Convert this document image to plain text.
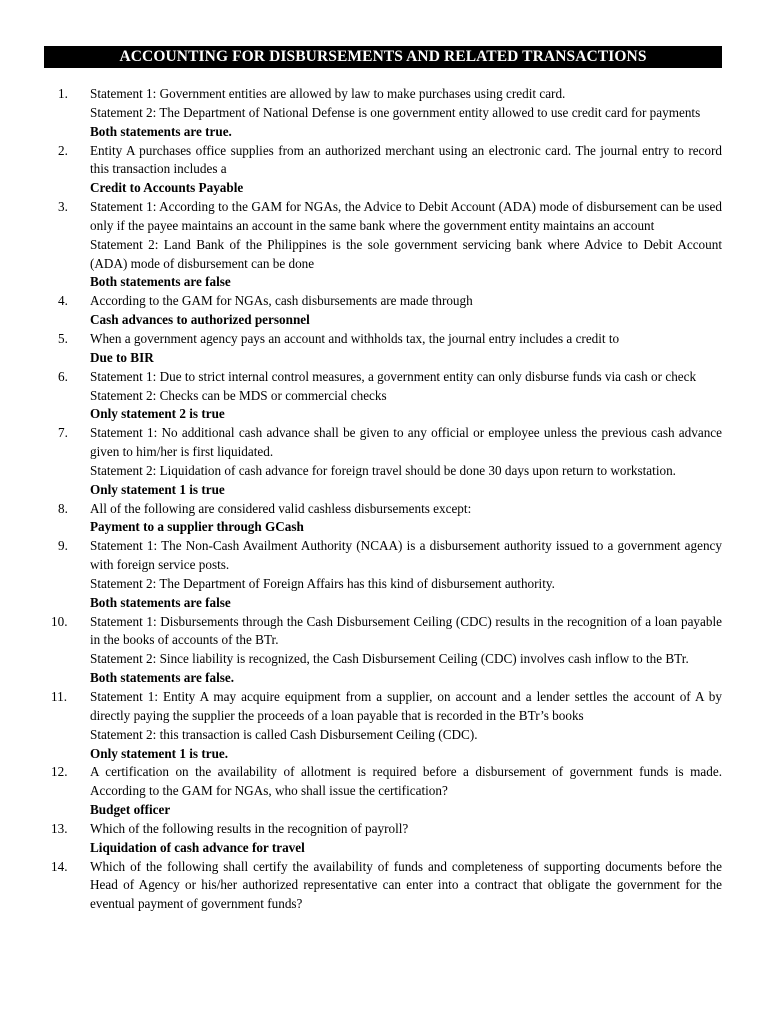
ACCOUNTING FOR DISBURSEMENTS AND RELATED TRANSACTIONS
1.	Statement 1: Government entities are allowed by law to make purchases using credit card.
Statement 2: The Department of National Defense is one government entity allowed to use credit card for payments
Both statements are true.
2.	Entity A purchases office supplies from an authorized merchant using an electronic card. The journal entry to record this transaction includes a
Credit to Accounts Payable
3.	Statement 1: According to the GAM for NGAs, the Advice to Debit Account (ADA) mode of disbursement can be used only if the payee maintains an account in the same bank where the government entity maintains an account
Statement 2: Land Bank of the Philippines is the sole government servicing bank where Advice to Debit Account (ADA) mode of disbursement can be done
Both statements are false
4.	According to the GAM for NGAs, cash disbursements are made through
Cash advances to authorized personnel
5.	When a government agency pays an account and withholds tax, the journal entry includes a credit to
Due to BIR
6.	Statement 1: Due to strict internal control measures, a government entity can only disburse funds via cash or check
Statement 2: Checks can be MDS or commercial checks
Only statement 2 is true
7.	Statement 1: No additional cash advance shall be given to any official or employee unless the previous cash advance given to him/her is first liquidated.
Statement 2: Liquidation of cash advance for foreign travel should be done 30 days upon return to workstation.
Only statement 1 is true
8.	All of the following are considered valid cashless disbursements except:
Payment to a supplier through GCash
9.	Statement 1: The Non-Cash Availment Authority (NCAA) is a disbursement authority issued to a government agency with foreign service posts.
Statement 2: The Department of Foreign Affairs has this kind of disbursement authority.
Both statements are false
10.	Statement 1: Disbursements through the Cash Disbursement Ceiling (CDC) results in the recognition of a loan payable in the books of accounts of the BTr.
Statement 2: Since liability is recognized, the Cash Disbursement Ceiling (CDC) involves cash inflow to the BTr.
Both statements are false.
11.	Statement 1: Entity A may acquire equipment from a supplier, on account and a lender settles the account of A by directly paying the supplier the proceeds of a loan payable that is recorded in the BTr’s books
Statement 2: this transaction is called Cash Disbursement Ceiling (CDC).
Only statement 1 is true.
12.	A certification on the availability of allotment is required before a disbursement of government funds is made. According to the GAM for NGAs, who shall issue the certification?
Budget officer
13.	Which of the following results in the recognition of payroll?
Liquidation of cash advance for travel
14.	Which of the following shall certify the availability of funds and completeness of supporting documents before the Head of Agency or his/her authorized representative can enter into a contract that obligate the government for the eventual payment of government funds?
